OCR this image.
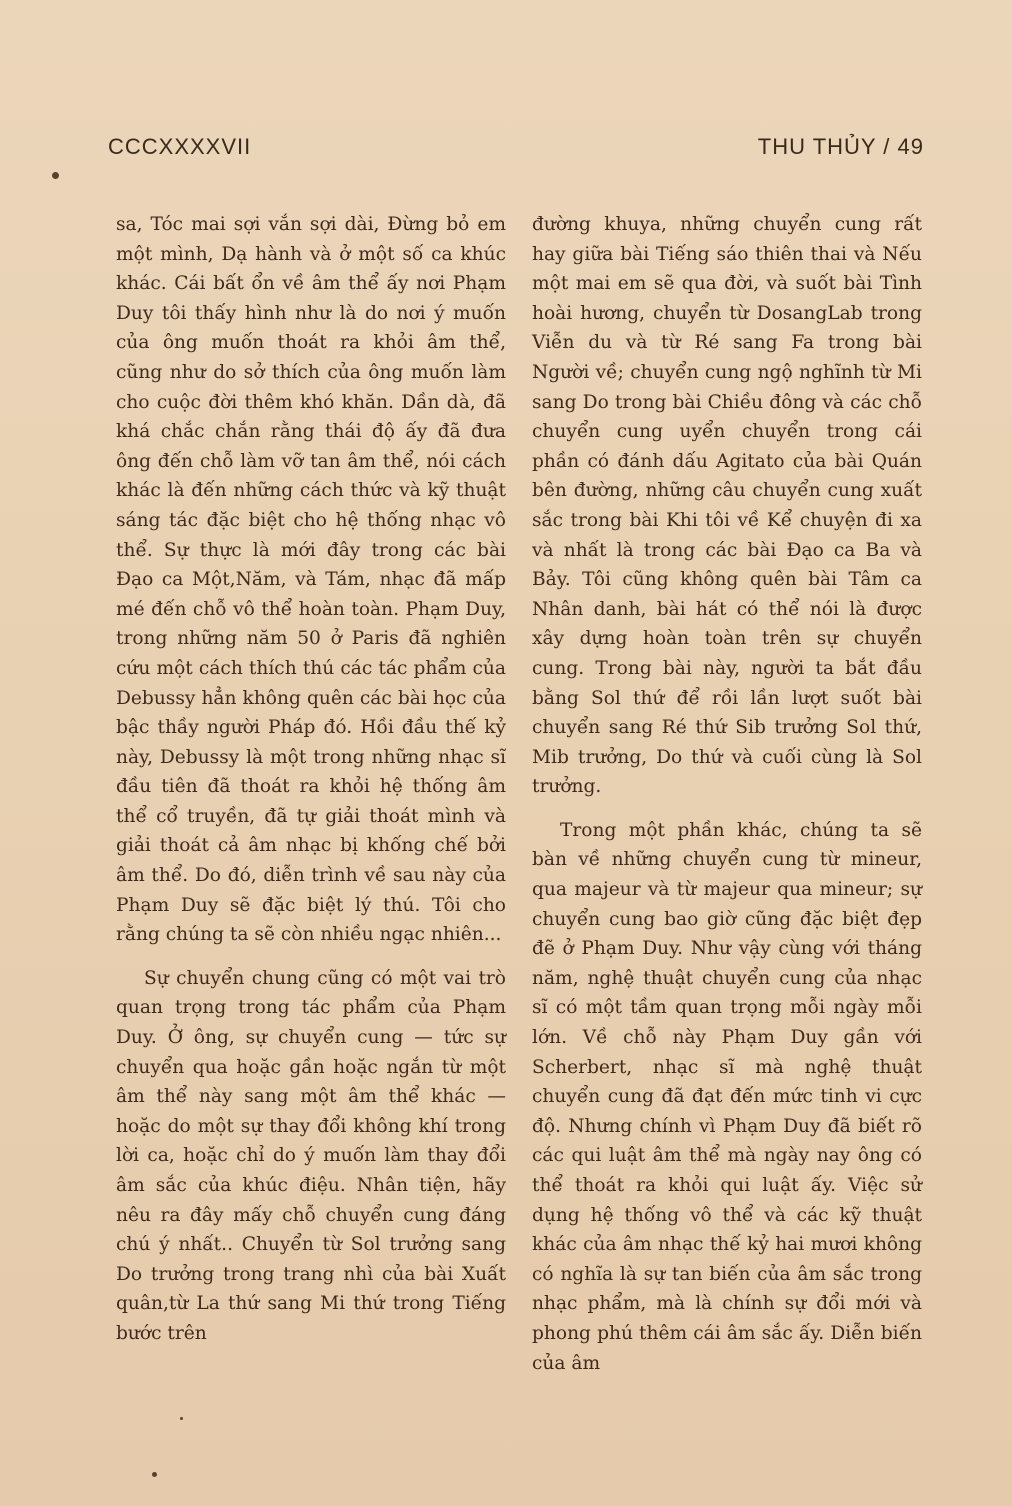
CCCXXXXVII	THU THỦY / 49

sa, Tóc mai sợi vắn sợi dài, Đừng bỏ em một mình, Dạ hành và ở một số ca khúc khác. Cái bất ổn về âm thể ấy nơi Phạm Duy tôi thấy hình như là do nơi ý muốn của ông muốn thoát ra khỏi âm thể, cũng như do sở thích của ông muốn làm cho cuộc đời thêm khó khăn. Dần dà, đã khá chắc chắn rằng thái độ ấy đã đưa ông đến chỗ làm vỡ tan âm thể, nói cách khác là đến những cách thức và kỹ thuật sáng tác đặc biệt cho hệ thống nhạc vô thể. Sự thực là mới đây trong các bài Đạo ca Một,Năm, và Tám, nhạc đã mấp mé đến chỗ vô thể hoàn toàn. Phạm Duy, trong những năm 50 ở Paris đã nghiên cứu một cách thích thú các tác phẩm của Debussy hẳn không quên các bài học của bậc thầy người Pháp đó. Hồi đầu thế kỷ này, Debussy là một trong những nhạc sĩ đầu tiên đã thoát ra khỏi hệ thống âm thể cổ truyền, đã tự giải thoát mình và giải thoát cả âm nhạc bị khống chế bởi âm thể. Do đó, diễn trình về sau này của Phạm Duy sẽ đặc biệt lý thú. Tôi cho rằng chúng ta sẽ còn nhiều ngạc nhiên...

Sự chuyển chung cũng có một vai trò quan trọng trong tác phẩm của Phạm Duy. Ở ông, sự chuyển cung — tức sự chuyển qua hoặc gần hoặc ngắn từ một âm thể này sang một âm thể khác — hoặc do một sự thay đổi không khí trong lời ca, hoặc chỉ do ý muốn làm thay đổi âm sắc của khúc điệu. Nhân tiện, hãy nêu ra đây mấy chỗ chuyển cung đáng chú ý nhất.. Chuyển từ Sol trưởng sang Do trưởng trong trang nhì của bài Xuất quân,từ La thứ sang Mi thứ trong Tiếng bước trên

đường khuya, những chuyển cung rất hay giữa bài Tiếng sáo thiên thai và Nếu một mai em sẽ qua đời, và suốt bài Tình hoài hương, chuyển từ DosangLab trong Viễn du và từ Ré sang Fa trong bài Người về; chuyển cung ngộ nghĩnh từ Mi sang Do trong bài Chiều đông và các chỗ chuyển cung uyển chuyển trong cái phần có đánh dấu Agitato của bài Quán bên đường, những câu chuyển cung xuất sắc trong bài Khi tôi về Kể chuyện đi xa và nhất là trong các bài Đạo ca Ba và Bảy. Tôi cũng không quên bài Tâm ca Nhân danh, bài hát có thể nói là được xây dựng hoàn toàn trên sự chuyển cung. Trong bài này, người ta bắt đầu bằng Sol thứ để rồi lần lượt suốt bài chuyển sang Ré thứ Sib trưởng Sol thứ, Mib trưởng, Do thứ và cuối cùng là Sol trưởng.

Trong một phần khác, chúng ta sẽ bàn về những chuyển cung từ mineur, qua majeur và từ majeur qua mineur; sự chuyển cung bao giờ cũng đặc biệt đẹp đẽ ở Phạm Duy. Như vậy cùng với tháng năm, nghệ thuật chuyển cung của nhạc sĩ có một tầm quan trọng mỗi ngày mỗi lớn. Về chỗ này Phạm Duy gần với Scherbert, nhạc sĩ mà nghệ thuật chuyển cung đã đạt đến mức tinh vi cực độ. Nhưng chính vì Phạm Duy đã biết rõ các qui luật âm thể mà ngày nay ông có thể thoát ra khỏi qui luật ấy. Việc sử dụng hệ thống vô thể và các kỹ thuật khác của âm nhạc thế kỷ hai mươi không có nghĩa là sự tan biến của âm sắc trong nhạc phẩm, mà là chính sự đổi mới và phong phú thêm cái âm sắc ấy. Diễn biến của âm
